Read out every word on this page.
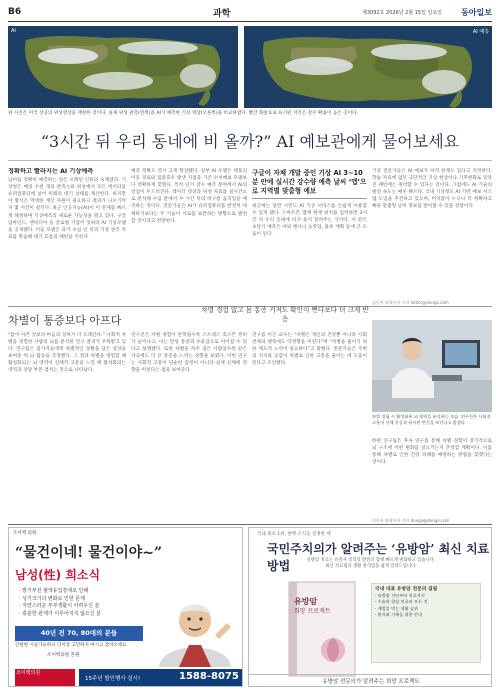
B6	과학	제3092호 2026년 2월 15일 일요일 동아일보
AI	AI 예측
위 사진은 미국 상공의 위성영상을 재현한 것이다. 실제 위성 관측(왼쪽)과 AI가 예측한 기상 영상(오른쪽)을 비교하였다. 빨간 화살표로 표시된 지역은 강수 확률이 높은 곳이다.
“3시간 뒤 우리 동네에 비 올까?” AI 예보관에게 물어보세요
정확하고 빨라지는 AI 기상예측
날씨를 정확히 예측하는 일은 오래된 인류의 숙제였다. 기상청은 매일 수천 개의 관측소와 위성에서 모은 데이터를 슈퍼컴퓨터에 넣어 미래의 대기 상태를 계산한다. 하지만 이 방식은 막대한 계산 자원이 필요하고 결과가 나오기까지 몇 시간이 걸린다. 최근 인공지능(AI)이 이 문제를 빠르게 해결하며 기상예측의 새로운 가능성을 열고 있다. 구글 딥마인드, 엔비디아 등 글로벌 기업이 잇따라 AI 기상모델을 공개했다. 이들 모델은 과거 수십 년 치의 기상 관측 자료를 학습해 대기 흐름의 패턴을 익힌다.
예측 정확도 역시 크게 향상됐다. 일부 AI 모델은 태풍의 이동 경로와 집중호우 발생 지점을 기존 수치예보 모델보다 정확하게 맞혔다. 특히 단기 강수 예측 분야에서 AI의 강점이 두드러진다. 레이더 영상과 위성 자료를 실시간으로 분석해 수십 분에서 수 시간 뒤의 비구름 움직임을 예측하는 것이다. 전문가들은 AI가 슈퍼컴퓨터를 완전히 대체하기보다는 두 기술이 서로를 보완하는 방향으로 발전할 것이라고 전망한다.
구글이 자체 개발 중인 기상 AI 3∼10분 안에 실시간 강수량 예측 날씨 ‘앱’으로 지역별 맞춤형 예보
최근에는 일반 시민도 AI 기상 서비스를 손쉽게 이용할 수 있게 됐다. 스마트폰 앱에 현재 위치를 입력하면 3시간 뒤 우리 동네에 비가 올지 알려주는 식이다. 이 같은 초단기 예측은 야외 행사나 농작업, 물류 계획 등에 큰 도움이 된다.
기상 전문가들은 AI 예보가 아직 한계도 있다고 지적한다. 학습 자료에 없던 극단적인 기상 현상이나 기후변화로 달라진 패턴에는 취약할 수 있다는 것이다. 그럼에도 AI 기술의 발전 속도는 매우 빠르다. 국내 기상청도 AI 기반 예보 시스템 도입을 추진하고 있으며, 머지않아 누구나 더 정확하고 빠른 맞춤형 날씨 정보를 받아볼 수 있을 전망이다.
김동아 과학동아 기자 editor@donga.com
차별이 통증보다 아프다
차별 경험 없고 몸 통증 커져도 확인이 뻔다보다 더 크게 반응
“몸이 아픈 것보다 마음의 상처가 더 오래간다.” 사회적 차별을 경험한 사람의 뇌를 분석한 연구 결과가 주목받고 있다. 연구팀은 참가자들에게 차별적인 상황을 담은 영상을 보여준 뒤 뇌 활동을 측정했다. 그 결과 차별을 경험할 때 활성화되는 뇌 영역이 신체적 고통을 느낄 때 활성화되는 영역과 상당 부분 겹치는 것으로 나타났다.
연구진은 차별 경험이 반복될수록 스트레스 호르몬 분비가 늘어나고, 이는 만성 통증과 우울감으로 이어질 수 있다고 설명했다. 또한 차별을 자주 겪은 사람일수록 같은 자극에도 더 큰 통증을 느끼는 경향을 보였다. 이번 연구는 사회적 고통이 단순한 감정이 아니라 실제 신체에 영향을 미친다는 점을 보여준다.
연구를 이끈 교수는 “차별은 개인의 건강뿐 아니라 사회 전체의 행복에도 악영향을 미친다”며 “차별을 줄이기 위한 제도적 노력이 필요하다”고 말했다. 전문가들은 주변의 지지와 공감이 차별로 인한 고통을 줄이는 데 도움이 된다고 조언했다.
차별 경험 시 활성화된 뇌 영역을 분석하는 모습. 연구진은 사회적 고통이 신체 통증과 유사한 반응을 보인다고 밝혔다.
한편 연구팀은 후속 연구를 통해 차별 경험이 장기적으로 뇌 구조에 어떤 변화를 일으키는지 추적할 계획이다. 이를 통해 차별로 인한 건강 피해를 예방하는 방법을 찾겠다는 것이다.
이동아 과학동아 기자 donga@donga.com
조이맥 의원
“물건이네! 물건이야~”
남성(性) 희소식
· 발기부전 혈액유입장애로 인해
· 성기크기의 변화로 인한 문제
· 자연스러운 부부생활이 어려우신 분
· 충분한 관계가 이루어지지 않으신 분
40년 전 70, 80대의 분들
간편한 시술가능하니 더이상 고민하지 마시고 찾아오세요
조이맥의원 본원
조이맥의원
15주년 할인행사 실시!	1588-8075
국내 최초 1위, 발행 조직을 설명한 책
국민주치의가 알려주는 ‘유방암’ 최신 치료 방법	유방암 치료는 유전자 의학의 발전과 함께 빠르게 변화하고 있습니다.
최신 치료법과 생활 관리법을 쉽게 알려드립니다.
유방암
희망 프로젝트
국내 대표 유방암 전문의 집필
· 유방암 진단부터 치료까지
· 수술과 항암 치료의 모든 것
· 재발을 막는 생활 습관
· 환자와 가족을 위한 안내
유방암 전문의가 알려주는 희망 프로젝트
